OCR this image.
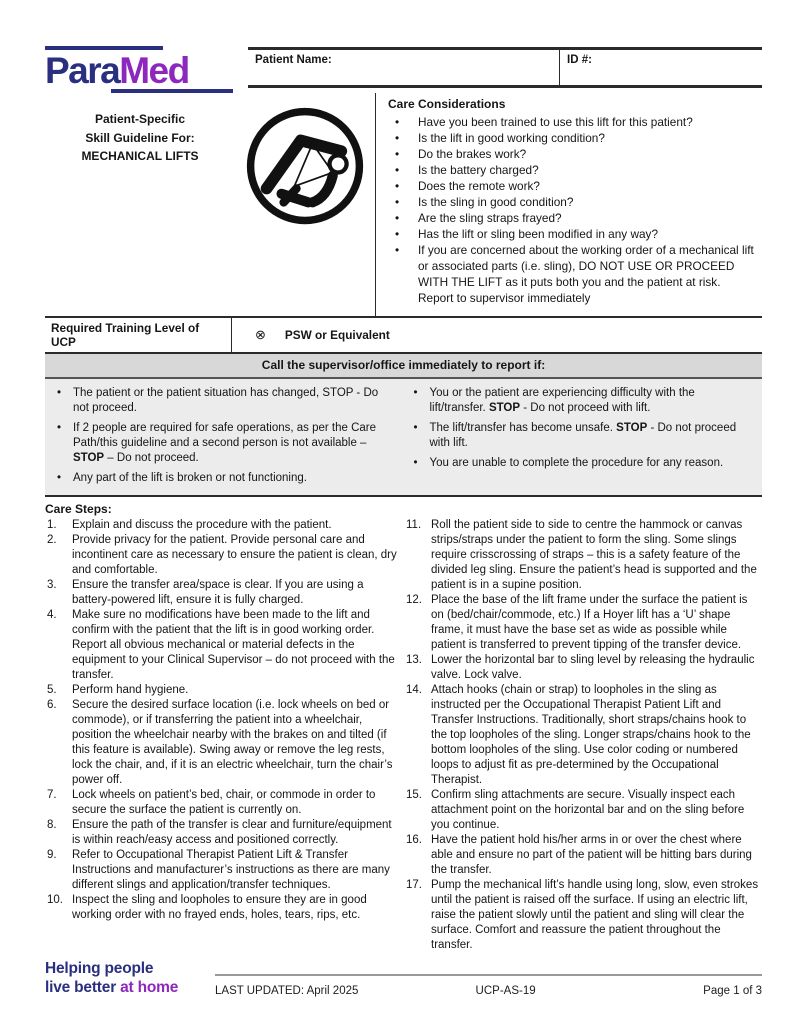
ParaMed	Patient Name:	ID #:
Patient-Specific
Skill Guideline For:
MECHANICAL LIFTS
Care Considerations
•	Have you been trained to use this lift for this patient?
•	Is the lift in good working condition?
•	Do the brakes work?
•	Is the battery charged?
•	Does the remote work?
•	Is the sling in good condition?
•	Are the sling straps frayed?
•	Has the lift or sling been modified in any way?
•	If you are concerned about the working order of a mechanical lift or associated parts (i.e. sling), DO NOT USE OR PROCEED WITH THE LIFT as it puts both you and the patient at risk. Report to supervisor immediately
Required Training Level of UCP	⊗ PSW or Equivalent
Call the supervisor/office immediately to report if:
•	The patient or the patient situation has changed, STOP - Do not proceed.
•	If 2 people are required for safe operations, as per the Care Path/this guideline and a second person is not available – STOP – Do not proceed.
•	Any part of the lift is broken or not functioning.
•	You or the patient are experiencing difficulty with the lift/transfer. STOP - Do not proceed with lift.
•	The lift/transfer has become unsafe. STOP - Do not proceed with lift.
•	You are unable to complete the procedure for any reason.
Care Steps:
1.	Explain and discuss the procedure with the patient.
2.	Provide privacy for the patient. Provide personal care and incontinent care as necessary to ensure the patient is clean, dry and comfortable.
3.	Ensure the transfer area/space is clear. If you are using a battery-powered lift, ensure it is fully charged.
4.	Make sure no modifications have been made to the lift and confirm with the patient that the lift is in good working order. Report all obvious mechanical or material defects in the equipment to your Clinical Supervisor – do not proceed with the transfer.
5.	Perform hand hygiene.
6.	Secure the desired surface location (i.e. lock wheels on bed or commode), or if transferring the patient into a wheelchair, position the wheelchair nearby with the brakes on and tilted (if this feature is available). Swing away or remove the leg rests, lock the chair, and, if it is an electric wheelchair, turn the chair’s power off.
7.	Lock wheels on patient’s bed, chair, or commode in order to secure the surface the patient is currently on.
8.	Ensure the path of the transfer is clear and furniture/equipment is within reach/easy access and positioned correctly.
9.	Refer to Occupational Therapist Patient Lift & Transfer Instructions and manufacturer’s instructions as there are many different slings and application/transfer techniques.
10. Inspect the sling and loopholes to ensure they are in good working order with no frayed ends, holes, tears, rips, etc.
11. Roll the patient side to side to centre the hammock or canvas strips/straps under the patient to form the sling. Some slings require crisscrossing of straps – this is a safety feature of the divided leg sling. Ensure the patient’s head is supported and the patient is in a supine position.
12. Place the base of the lift frame under the surface the patient is on (bed/chair/commode, etc.) If a Hoyer lift has a ‘U’ shape frame, it must have the base set as wide as possible while patient is transferred to prevent tipping of the transfer device.
13. Lower the horizontal bar to sling level by releasing the hydraulic valve. Lock valve.
14. Attach hooks (chain or strap) to loopholes in the sling as instructed per the Occupational Therapist Patient Lift and Transfer Instructions. Traditionally, short straps/chains hook to the top loopholes of the sling. Longer straps/chains hook to the bottom loopholes of the sling. Use color coding or numbered loops to adjust fit as pre-determined by the Occupational Therapist.
15. Confirm sling attachments are secure. Visually inspect each attachment point on the horizontal bar and on the sling before you continue.
16. Have the patient hold his/her arms in or over the chest where able and ensure no part of the patient will be hitting bars during the transfer.
17. Pump the mechanical lift’s handle using long, slow, even strokes until the patient is raised off the surface. If using an electric lift, raise the patient slowly until the patient and sling will clear the surface. Comfort and reassure the patient throughout the transfer.
Helping people
live better at home	LAST UPDATED: April 2025	UCP-AS-19	Page 1 of 3
